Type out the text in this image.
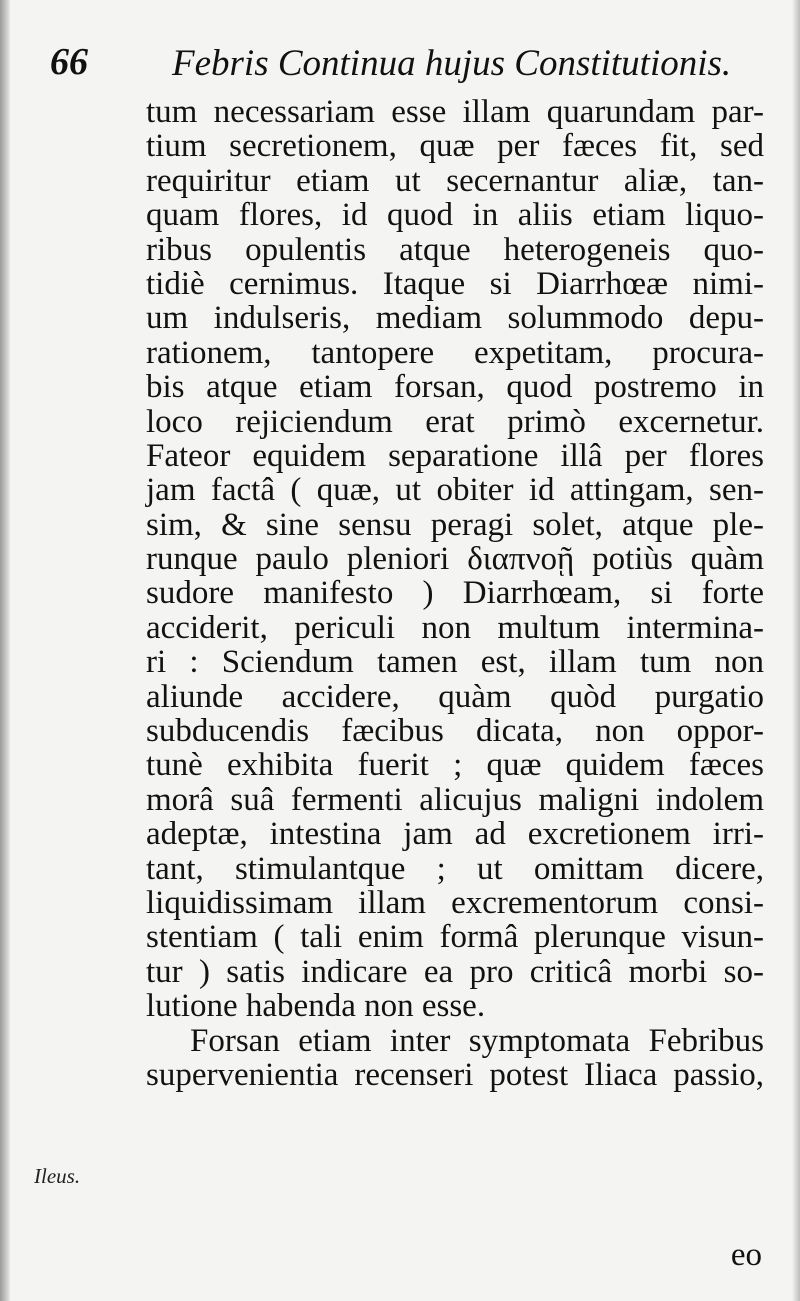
66 Febris Continua hujus Constitutionis.
tum necessariam esse illam quarundam par-
tium secretionem, quæ per fæces fit, sed
requiritur etiam ut secernantur aliæ, tan-
quam flores, id quod in aliis etiam liquo-
ribus opulentis atque heterogeneis quo-
tidiè cernimus. Itaque si Diarrhœæ nimi-
um indulseris, mediam solummodo depu-
rationem, tantopere expetitam, procura-
bis atque etiam forsan, quod postremo in
loco rejiciendum erat primò excernetur.
Fateor equidem separatione illâ per flores
jam factâ ( quæ, ut obiter id attingam, sen-
sim, & sine sensu peragi solet, atque ple-
runque paulo pleniori διαπνοῇ potiùs quàm
sudore manifesto ) Diarrhœam, si forte
acciderit, periculi non multum intermina-
ri : Sciendum tamen est, illam tum non
aliunde accidere, quàm quòd purgatio
subducendis fæcibus dicata, non oppor-
tunè exhibita fuerit ; quæ quidem fæces
morâ suâ fermenti alicujus maligni indolem
adeptæ, intestina jam ad excretionem irri-
tant, stimulantque ; ut omittam dicere,
liquidissimam illam excrementorum consi-
stentiam ( tali enim formâ plerunque visun-
tur ) satis indicare ea pro criticâ morbi so-
lutione habenda non esse.
Forsan etiam inter symptomata Febribus
supervenientia recenseri potest Iliaca passio,
Ileus.
eo
